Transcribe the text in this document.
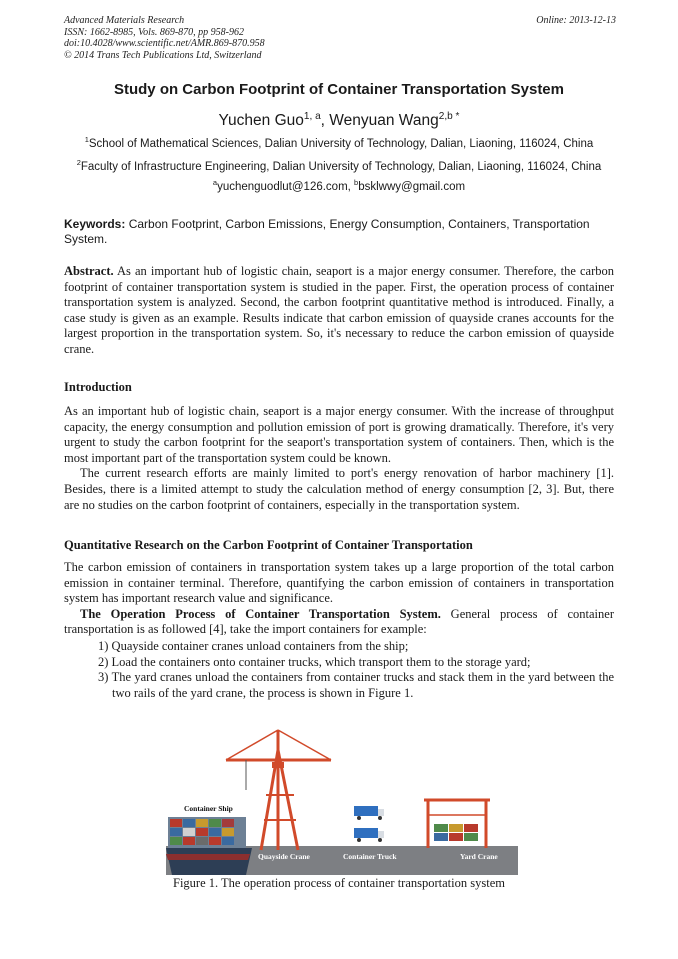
Advanced Materials Research
ISSN: 1662-8985, Vols. 869-870, pp 958-962
doi:10.4028/www.scientific.net/AMR.869-870.958
© 2014 Trans Tech Publications Ltd, Switzerland
Online: 2013-12-13
Study on Carbon Footprint of Container Transportation System
Yuchen Guo$^{1, a}$, Wenyuan Wang$^{2,b *}$
$^1$School of Mathematical Sciences, Dalian University of Technology, Dalian, Liaoning, 116024, China
$^2$Faculty of Infrastructure Engineering, Dalian University of Technology, Dalian, Liaoning, 116024, China
$^a$yuchenguodlut@126.com, $^b$bsklwwy@gmail.com
Keywords: Carbon Footprint, Carbon Emissions, Energy Consumption, Containers, Transportation System.
Abstract. As an important hub of logistic chain, seaport is a major energy consumer. Therefore, the carbon footprint of container transportation system is studied in the paper. First, the operation process of container transportation system is analyzed. Second, the carbon footprint quantitative method is introduced. Finally, a case study is given as an example. Results indicate that carbon emission of quayside cranes accounts for the largest proportion in the transportation system. So, it's necessary to reduce the carbon emission of quayside crane.
Introduction
As an important hub of logistic chain, seaport is a major energy consumer. With the increase of throughput capacity, the energy consumption and pollution emission of port is growing dramatically. Therefore, it's very urgent to study the carbon footprint for the seaport's transportation system of containers. Then, which is the most important part of the transportation system could be known.
The current research efforts are mainly limited to port's energy renovation of harbor machinery [1]. Besides, there is a limited attempt to study the calculation method of energy consumption [2, 3]. But, there are no studies on the carbon footprint of containers, especially in the transportation system.
Quantitative Research on the Carbon Footprint of Container Transportation
The carbon emission of containers in transportation system takes up a large proportion of the total carbon emission in container terminal. Therefore, quantifying the carbon emission of containers in transportation system has important research value and significance.
The Operation Process of Container Transportation System. General process of container transportation is as followed [4], take the import containers for example:
1) Quayside container cranes unload containers from the ship;
2) Load the containers onto container trucks, which transport them to the storage yard;
3) The yard cranes unload the containers from container trucks and stack them in the yard between the two rails of the yard crane, the process is shown in Figure 1.
Container Ship
Quayside Crane	Container Truck	Yard Crane
Figure 1. The operation process of container transportation system
